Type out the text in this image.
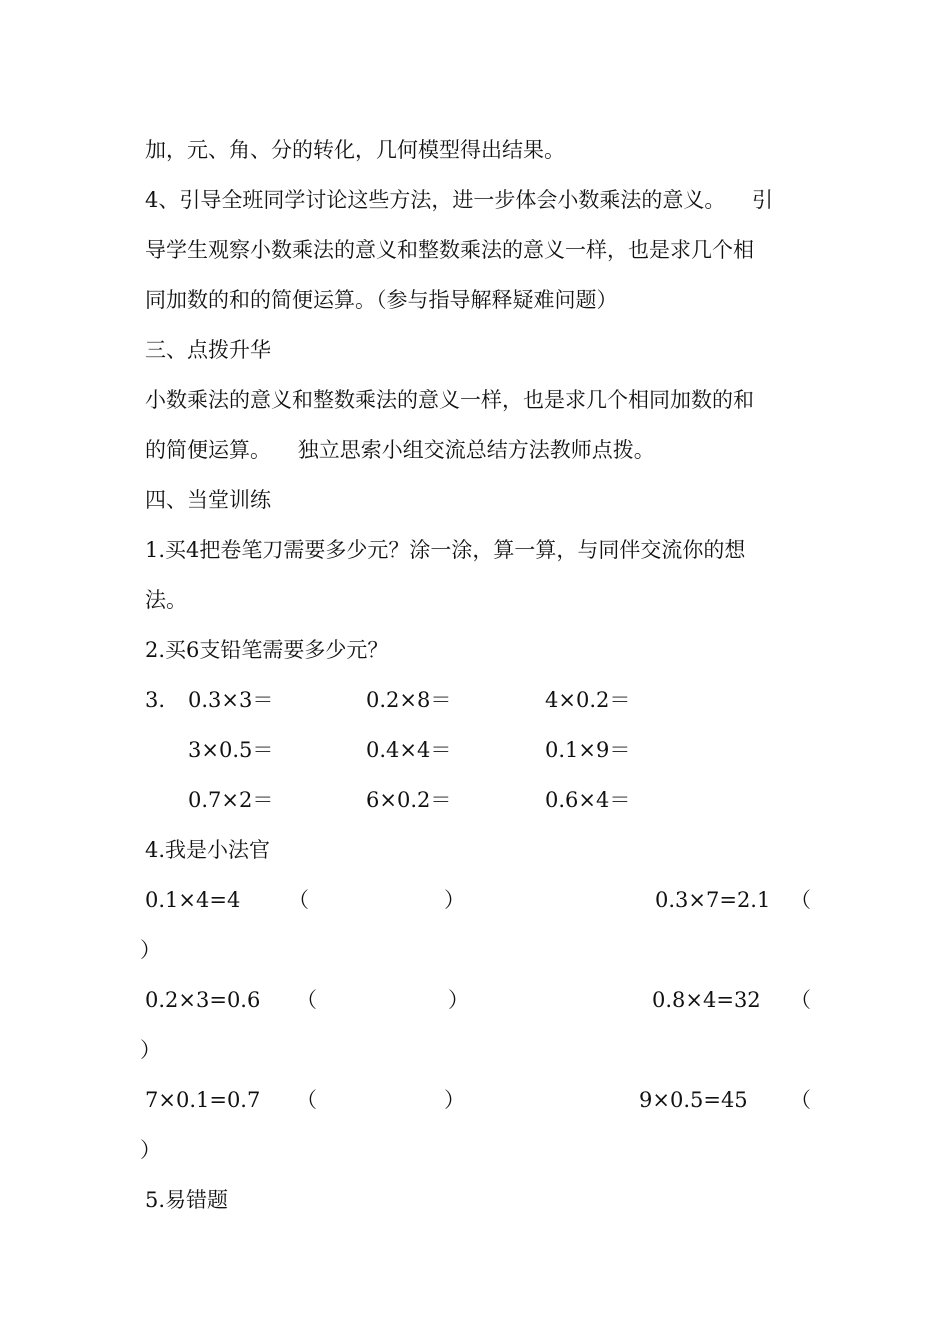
加，元、角、分的转化，几何模型得出结果。
4、引导全班同学讨论这些方法，进一步体会小数乘法的意义。    引
导学生观察小数乘法的意义和整数乘法的意义一样，也是求几个相
同加数的和的简便运算。（参与指导解释疑难问题）
三、点拨升华
小数乘法的意义和整数乘法的意义一样，也是求几个相同加数的和
的简便运算。    独立思索小组交流总结方法教师点拨。
四、当堂训练
1.买4把卷笔刀需要多少元？涂一涂，算一算，与同伴交流你的想
法。
2.买6支铅笔需要多少元？
3. 0.3×3＝	0.2×8＝	4×0.2＝
3×0.5＝	0.4×4＝	0.1×9＝
0.7×2＝	6×0.2＝	0.6×4＝
4.我是小法官
0.1×4=4 （	）	0.3×7=2.1 （
）
0.2×3=0.6 （	）	0.8×4=32 （
）
7×0.1=0.7 （	）	9×0.5=45 （
）
5.易错题
